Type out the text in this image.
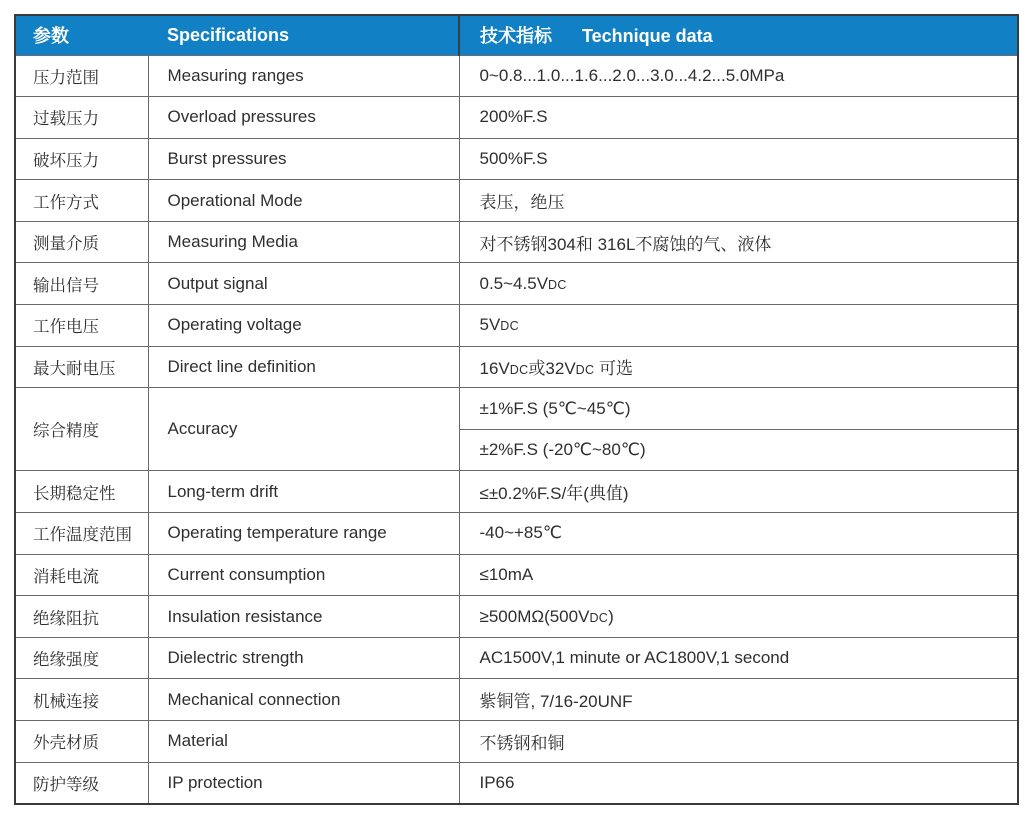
参数	Specifications	技术指标 Technique data
压力范围	Measuring ranges	0~0.8...1.0...1.6...2.0...3.0...4.2...5.0MPa
过载压力	Overload pressures	200%F.S
破坏压力	Burst pressures	500%F.S
工作方式	Operational Mode	表压，绝压
测量介质	Measuring Media	对不锈钢304和 316L不腐蚀的气、液体
输出信号	Output signal	0.5~4.5VDC
工作电压	Operating voltage	5VDC
最大耐电压	Direct line definition	16VDC或32VDC 可选
综合精度	Accuracy	±1%F.S (5℃~45℃)
		±2%F.S (-20℃~80℃)
长期稳定性	Long-term drift	≤±0.2%F.S/年(典值)
工作温度范围	Operating temperature range	-40~+85℃
消耗电流	Current consumption	≤10mA
绝缘阻抗	Insulation resistance	≥500MΩ(500VDC)
绝缘强度	Dielectric strength	AC1500V,1 minute or AC1800V,1 second
机械连接	Mechanical connection	紫铜管, 7/16-20UNF
外壳材质	Material	不锈钢和铜
防护等级	IP protection	IP66
